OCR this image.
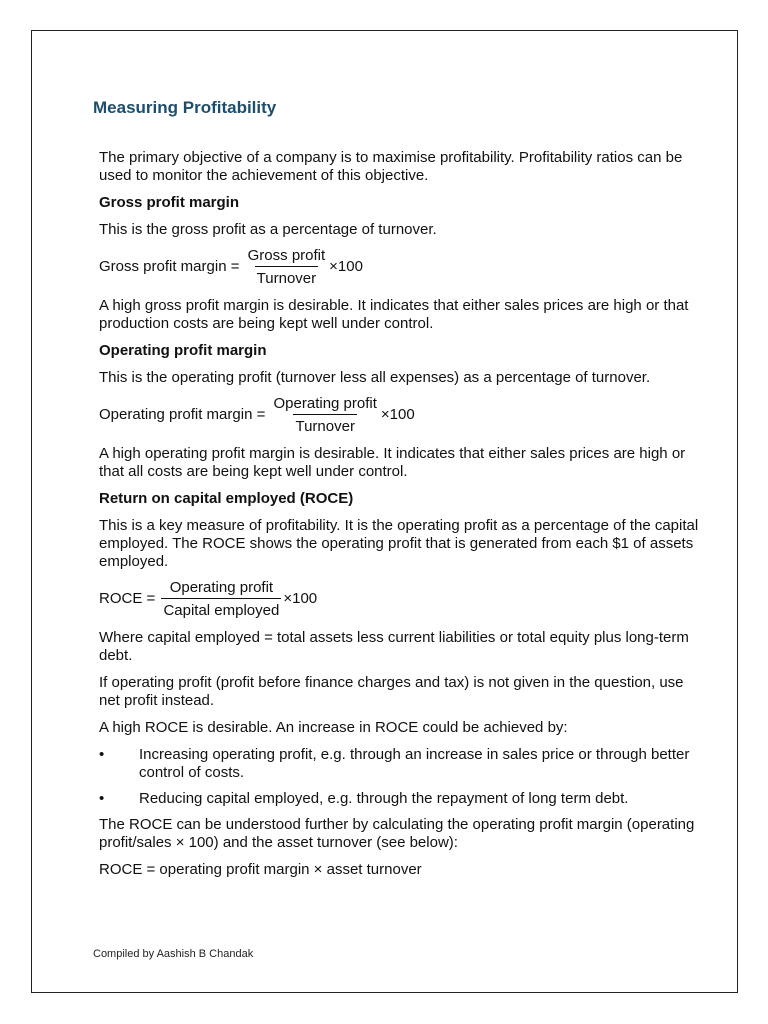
Measuring Profitability

The primary objective of a company is to maximise profitability. Profitability ratios can be used to monitor the achievement of this objective.

Gross profit margin

This is the gross profit as a percentage of turnover.

Gross profit margin = $\frac{\text{Gross profit}}{\text{Turnover}} \times 100$

A high gross profit margin is desirable. It indicates that either sales prices are high or that production costs are being kept well under control.

Operating profit margin

This is the operating profit (turnover less all expenses) as a percentage of turnover.

Operating profit margin = $\frac{\text{Operating profit}}{\text{Turnover}} \times 100$

A high operating profit margin is desirable. It indicates that either sales prices are high or that all costs are being kept well under control.

Return on capital employed (ROCE)

This is a key measure of profitability. It is the operating profit as a percentage of the capital employed. The ROCE shows the operating profit that is generated from each $1 of assets employed.

ROCE = $\frac{\text{Operating profit}}{\text{Capital employed}} \times 100$

Where capital employed = total assets less current liabilities or total equity plus long-term debt.

If operating profit (profit before finance charges and tax) is not given in the question, use net profit instead.

A high ROCE is desirable. An increase in ROCE could be achieved by:

•	Increasing operating profit, e.g. through an increase in sales price or through better control of costs.
•	Reducing capital employed, e.g. through the repayment of long term debt.

The ROCE can be understood further by calculating the operating profit margin (operating profit/sales × 100) and the asset turnover (see below):

ROCE = operating profit margin × asset turnover

Compiled by Aashish B Chandak
